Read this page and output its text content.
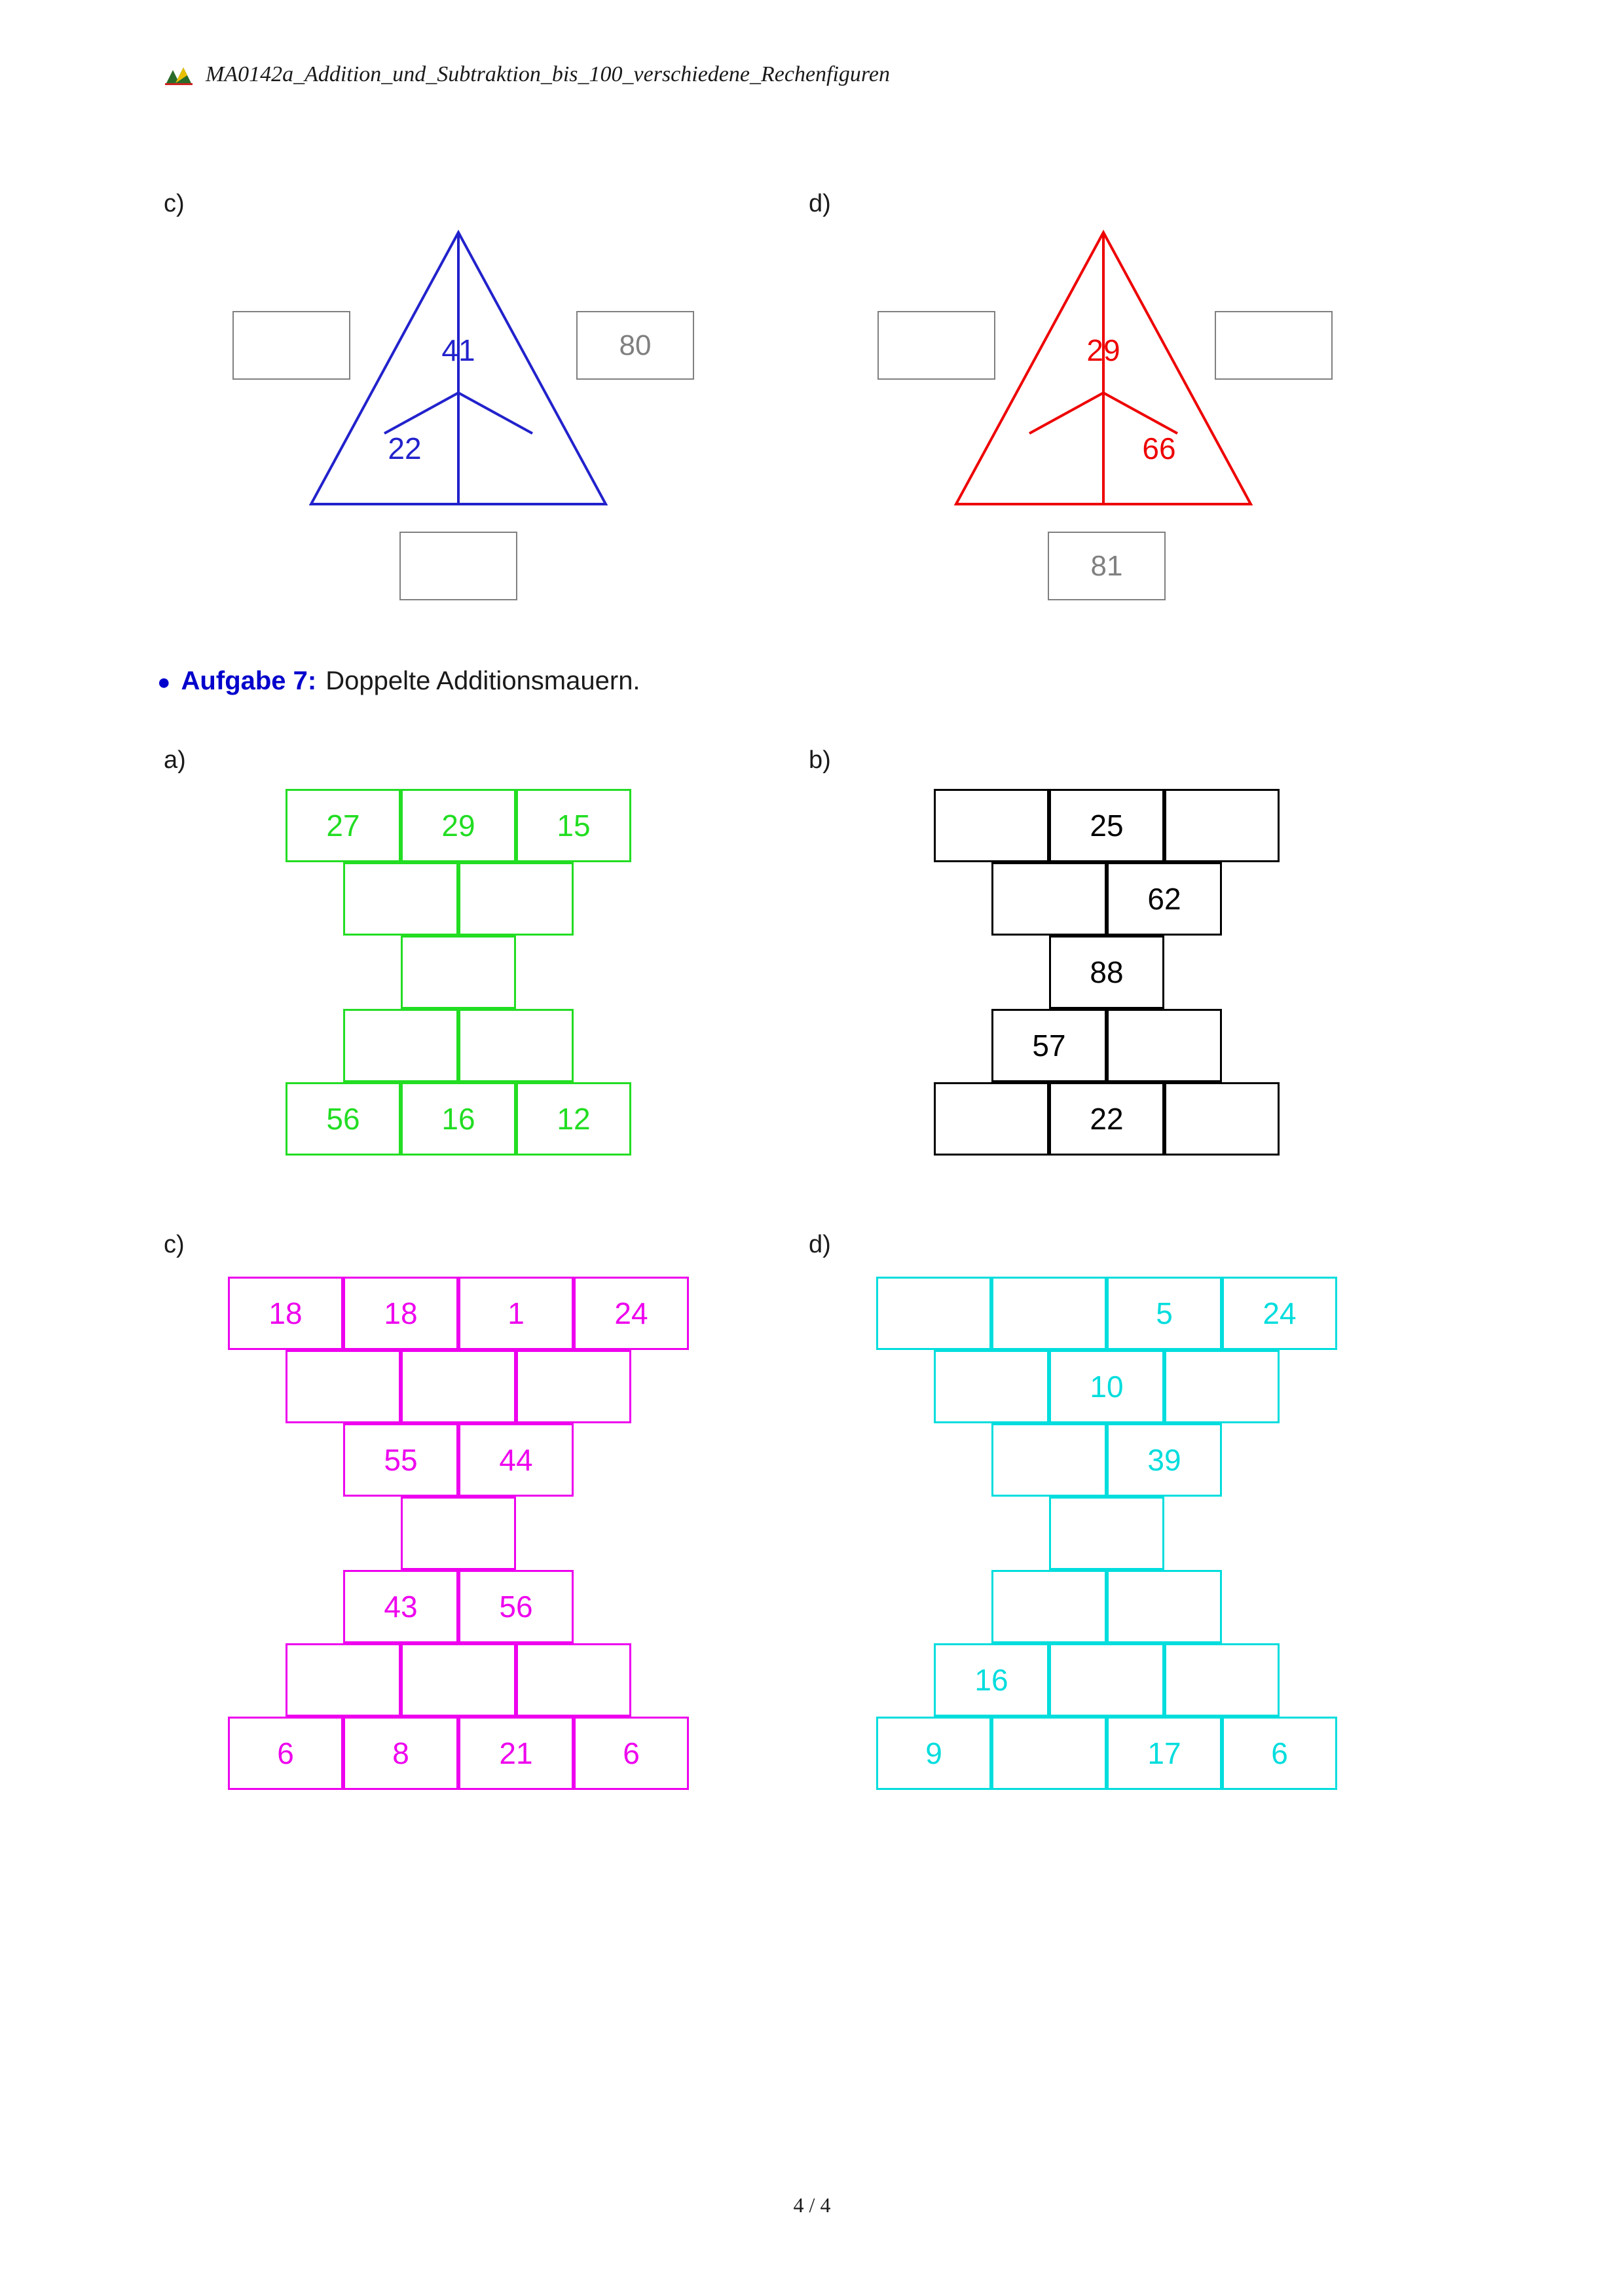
MA0142a_Addition_und_Subtraktion_bis_100_verschiedene_Rechenfiguren
c)
41
22
80
d)
29
66
81
● Aufgabe 7: Doppelte Additionsmauern.
a)	b)
c)	d)
27	29	15
56	16	12
25
62
88
57
22
18	18	1	24
55	44
43	56
6	8	21	6
5	24
10
39
16
9	17	6
4 / 4
